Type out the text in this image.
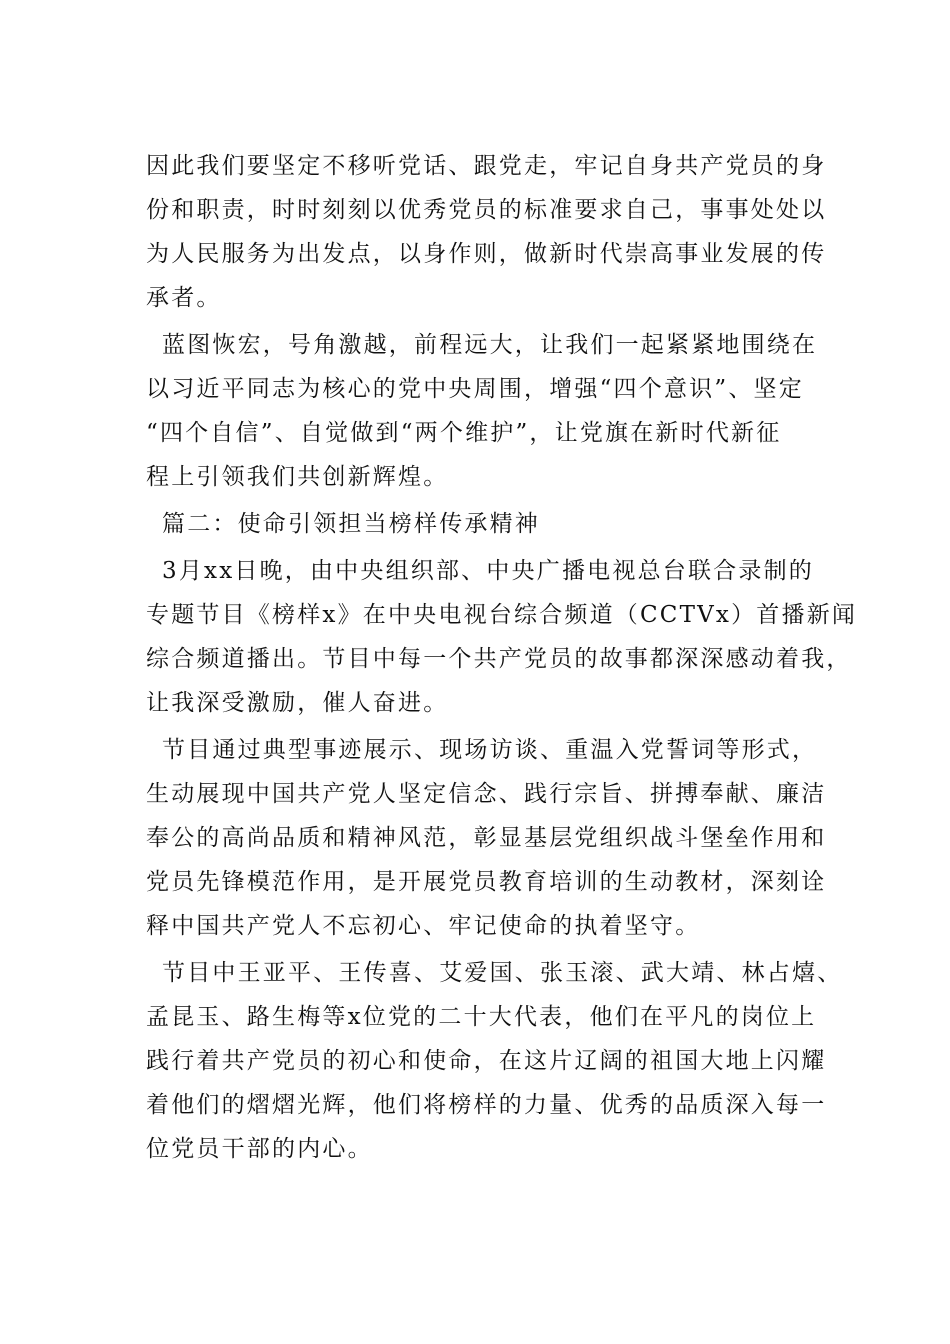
因此我们要坚定不移听党话、跟党走，牢记自身共产党员的身
份和职责，时时刻刻以优秀党员的标准要求自己，事事处处以
为人民服务为出发点，以身作则，做新时代崇高事业发展的传
承者。
蓝图恢宏，号角激越，前程远大，让我们一起紧紧地围绕在
以习近平同志为核心的党中央周围，增强“四个意识”、坚定
“四个自信”、自觉做到“两个维护”，让党旗在新时代新征
程上引领我们共创新辉煌。
篇二：使命引领担当榜样传承精神
3月xx日晚，由中央组织部、中央广播电视总台联合录制的
专题节目《榜样x》在中央电视台综合频道（CCTVx）首播新闻
综合频道播出。节目中每一个共产党员的故事都深深感动着我，
让我深受激励，催人奋进。
节目通过典型事迹展示、现场访谈、重温入党誓词等形式，
生动展现中国共产党人坚定信念、践行宗旨、拼搏奉献、廉洁
奉公的高尚品质和精神风范，彰显基层党组织战斗堡垒作用和
党员先锋模范作用，是开展党员教育培训的生动教材，深刻诠
释中国共产党人不忘初心、牢记使命的执着坚守。
节目中王亚平、王传喜、艾爱国、张玉滚、武大靖、林占熺、
孟昆玉、路生梅等x位党的二十大代表，他们在平凡的岗位上
践行着共产党员的初心和使命，在这片辽阔的祖国大地上闪耀
着他们的熠熠光辉，他们将榜样的力量、优秀的品质深入每一
位党员干部的内心。
